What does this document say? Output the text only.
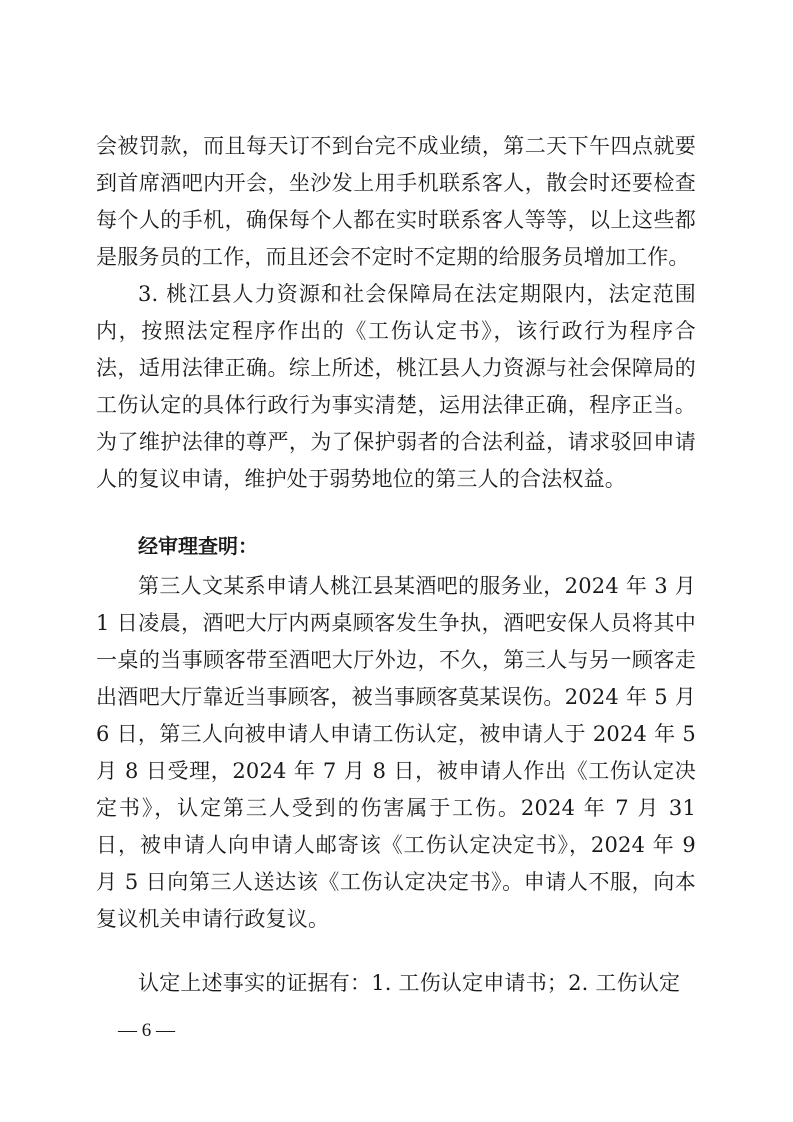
会被罚款，而且每天订不到台完不成业绩，第二天下午四点就要到首席酒吧内开会，坐沙发上用手机联系客人，散会时还要检查每个人的手机，确保每个人都在实时联系客人等等，以上这些都是服务员的工作，而且还会不定时不定期的给服务员增加工作。

3. 桃江县人力资源和社会保障局在法定期限内，法定范围内，按照法定程序作出的《工伤认定书》，该行政行为程序合法，适用法律正确。综上所述，桃江县人力资源与社会保障局的工伤认定的具体行政行为事实清楚，运用法律正确，程序正当。为了维护法律的尊严，为了保护弱者的合法利益，请求驳回申请人的复议申请，维护处于弱势地位的第三人的合法权益。

经审理查明：

第三人文某系申请人桃江县某酒吧的服务业，2024 年 3 月 1 日凌晨，酒吧大厅内两桌顾客发生争执，酒吧安保人员将其中一桌的当事顾客带至酒吧大厅外边，不久，第三人与另一顾客走出酒吧大厅靠近当事顾客，被当事顾客莫某误伤。2024 年 5 月 6 日，第三人向被申请人申请工伤认定，被申请人于 2024 年 5 月 8 日受理，2024 年 7 月 8 日，被申请人作出《工伤认定决定书》，认定第三人受到的伤害属于工伤。2024 年 7 月 31 日，被申请人向申请人邮寄该《工伤认定决定书》，2024 年 9 月 5 日向第三人送达该《工伤认定决定书》。申请人不服，向本复议机关申请行政复议。

认定上述事实的证据有：1. 工伤认定申请书；2. 工伤认定

— 6 —
